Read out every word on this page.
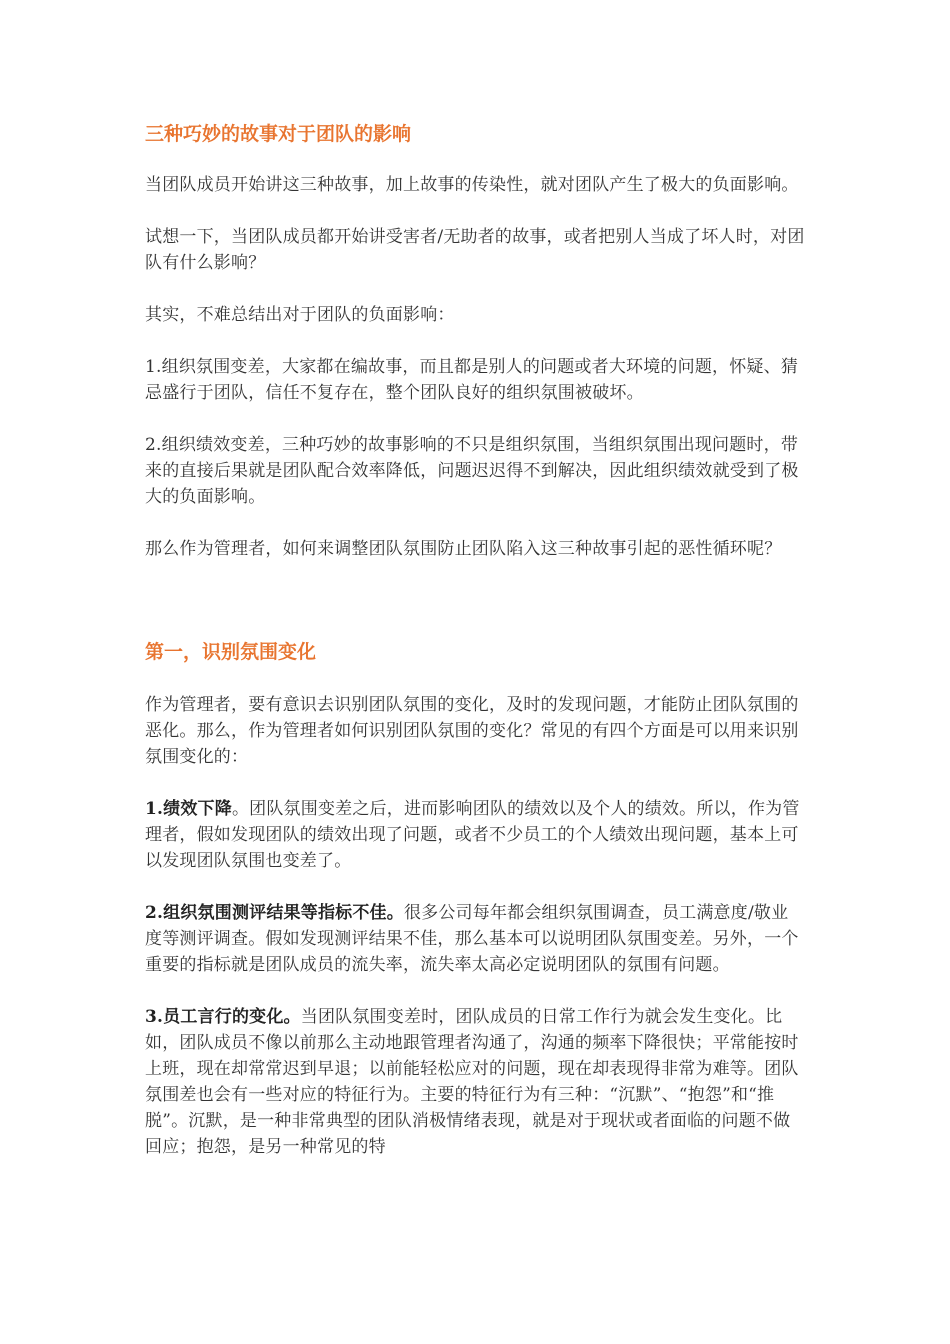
三种巧妙的故事对于团队的影响

当团队成员开始讲这三种故事，加上故事的传染性，就对团队产生了极大的负面影响。

试想一下，当团队成员都开始讲受害者/无助者的故事，或者把别人当成了坏人时，对团队有什么影响？

其实，不难总结出对于团队的负面影响：

1.组织氛围变差，大家都在编故事，而且都是别人的问题或者大环境的问题，怀疑、猜忌盛行于团队，信任不复存在，整个团队良好的组织氛围被破坏。

2.组织绩效变差，三种巧妙的故事影响的不只是组织氛围，当组织氛围出现问题时，带来的直接后果就是团队配合效率降低，问题迟迟得不到解决，因此组织绩效就受到了极大的负面影响。

那么作为管理者，如何来调整团队氛围防止团队陷入这三种故事引起的恶性循环呢？

第一，识别氛围变化

作为管理者，要有意识去识别团队氛围的变化，及时的发现问题，才能防止团队氛围的恶化。那么，作为管理者如何识别团队氛围的变化？常见的有四个方面是可以用来识别氛围变化的：

1.绩效下降。团队氛围变差之后，进而影响团队的绩效以及个人的绩效。所以，作为管理者，假如发现团队的绩效出现了问题，或者不少员工的个人绩效出现问题，基本上可以发现团队氛围也变差了。

2.组织氛围测评结果等指标不佳。很多公司每年都会组织氛围调查，员工满意度/敬业度等测评调查。假如发现测评结果不佳，那么基本可以说明团队氛围变差。另外，一个重要的指标就是团队成员的流失率，流失率太高必定说明团队的氛围有问题。

3.员工言行的变化。当团队氛围变差时，团队成员的日常工作行为就会发生变化。比如，团队成员不像以前那么主动地跟管理者沟通了，沟通的频率下降很快；平常能按时上班，现在却常常迟到早退；以前能轻松应对的问题，现在却表现得非常为难等。团队氛围差也会有一些对应的特征行为。主要的特征行为有三种：“沉默”、“抱怨”和“推脱”。沉默，是一种非常典型的团队消极情绪表现，就是对于现状或者面临的问题不做回应；抱怨，是另一种常见的特
